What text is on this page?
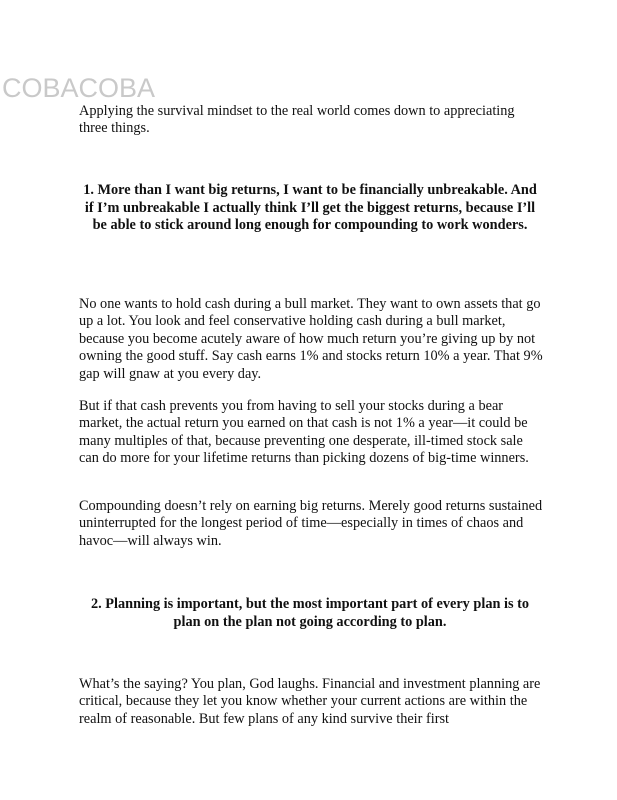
COBACOBA

Applying the survival mindset to the real world comes down to appreciating three things.

1. More than I want big returns, I want to be financially unbreakable. And if I’m unbreakable I actually think I’ll get the biggest returns, because I’ll be able to stick around long enough for compounding to work wonders.

No one wants to hold cash during a bull market. They want to own assets that go up a lot. You look and feel conservative holding cash during a bull market, because you become acutely aware of how much return you’re giving up by not owning the good stuff. Say cash earns 1% and stocks return 10% a year. That 9% gap will gnaw at you every day.

But if that cash prevents you from having to sell your stocks during a bear market, the actual return you earned on that cash is not 1% a year—it could be many multiples of that, because preventing one desperate, ill-timed stock sale can do more for your lifetime returns than picking dozens of big-time winners.

Compounding doesn’t rely on earning big returns. Merely good returns sustained uninterrupted for the longest period of time—especially in times of chaos and havoc—will always win.

2. Planning is important, but the most important part of every plan is to plan on the plan not going according to plan.

What’s the saying? You plan, God laughs. Financial and investment planning are critical, because they let you know whether your current actions are within the realm of reasonable. But few plans of any kind survive their first
